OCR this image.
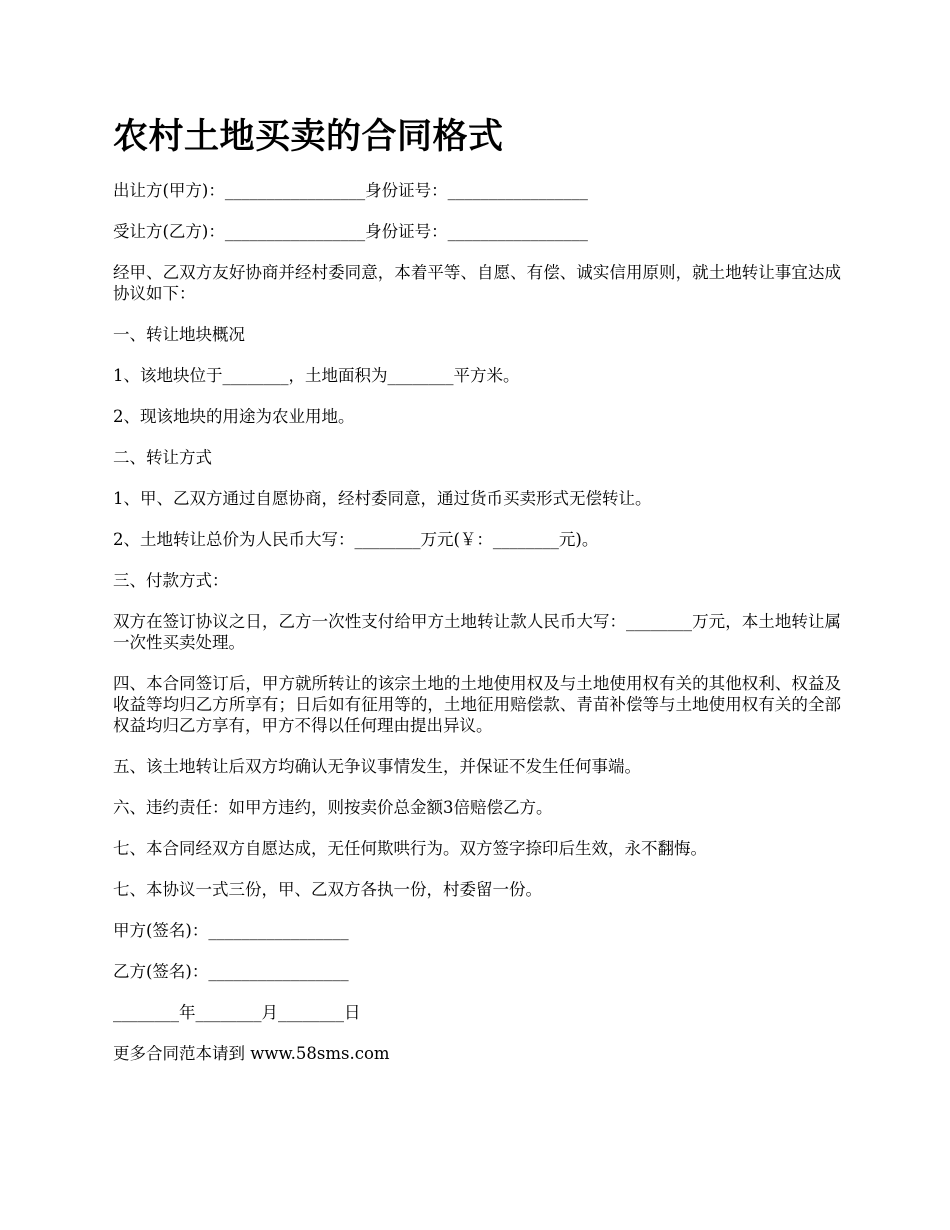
农村土地买卖的合同格式

出让方(甲方)：_________________身份证号：_________________

受让方(乙方)：_________________身份证号：_________________

经甲、乙双方友好协商并经村委同意，本着平等、自愿、有偿、诚实信用原则，就土地转让事宜达成协议如下：

一、转让地块概况

1、该地块位于________，土地面积为________平方米。

2、现该地块的用途为农业用地。

二、转让方式

1、甲、乙双方通过自愿协商，经村委同意，通过货币买卖形式无偿转让。

2、土地转让总价为人民币大写：________万元(￥：________元)。

三、付款方式：

双方在签订协议之日，乙方一次性支付给甲方土地转让款人民币大写：________万元，本土地转让属一次性买卖处理。

四、本合同签订后，甲方就所转让的该宗土地的土地使用权及与土地使用权有关的其他权利、权益及收益等均归乙方所享有；日后如有征用等的，土地征用赔偿款、青苗补偿等与土地使用权有关的全部权益均归乙方享有，甲方不得以任何理由提出异议。

五、该土地转让后双方均确认无争议事情发生，并保证不发生任何事端。

六、违约责任：如甲方违约，则按卖价总金额3倍赔偿乙方。

七、本合同经双方自愿达成，无任何欺哄行为。双方签字捺印后生效，永不翻悔。

七、本协议一式三份，甲、乙双方各执一份，村委留一份。

甲方(签名)：_________________

乙方(签名)：_________________

________年________月________日

更多合同范本请到 www.58sms.com
